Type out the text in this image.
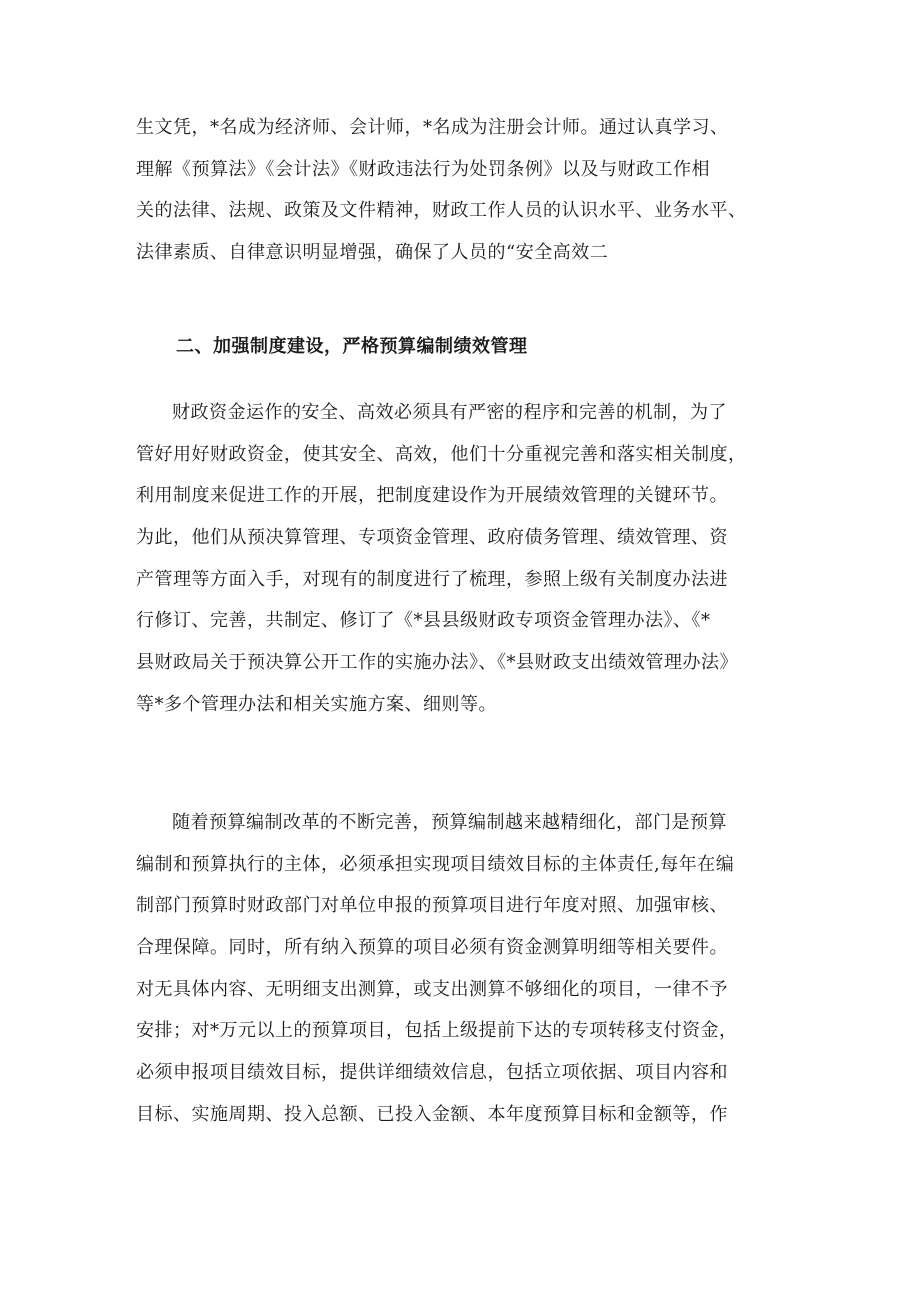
生文凭，*名成为经济师、会计师，*名成为注册会计师。通过认真学习、
理解《预算法》《会计法》《财政违法行为处罚条例》以及与财政工作相
关的法律、法规、政策及文件精神，财政工作人员的认识水平、业务水平、
法律素质、自律意识明显增强，确保了人员的“安全高效二
二、加强制度建设，严格预算编制绩效管理
财政资金运作的安全、高效必须具有严密的程序和完善的机制，为了
管好用好财政资金，使其安全、高效，他们十分重视完善和落实相关制度，
利用制度来促进工作的开展，把制度建设作为开展绩效管理的关键环节。
为此，他们从预决算管理、专项资金管理、政府债务管理、绩效管理、资
产管理等方面入手，对现有的制度进行了梳理，参照上级有关制度办法进
行修订、完善，共制定、修订了《*县县级财政专项资金管理办法》、《*
县财政局关于预决算公开工作的实施办法》、《*县财政支出绩效管理办法》
等*多个管理办法和相关实施方案、细则等。
随着预算编制改革的不断完善，预算编制越来越精细化，部门是预算
编制和预算执行的主体，必须承担实现项目绩效目标的主体责任,每年在编
制部门预算时财政部门对单位申报的预算项目进行年度对照、加强审核、
合理保障。同时，所有纳入预算的项目必须有资金测算明细等相关要件。
对无具体内容、无明细支出测算，或支出测算不够细化的项目，一律不予
安排；对*万元以上的预算项目，包括上级提前下达的专项转移支付资金，
必须申报项目绩效目标，提供详细绩效信息，包括立项依据、项目内容和
目标、实施周期、投入总额、已投入金额、本年度预算目标和金额等，作
